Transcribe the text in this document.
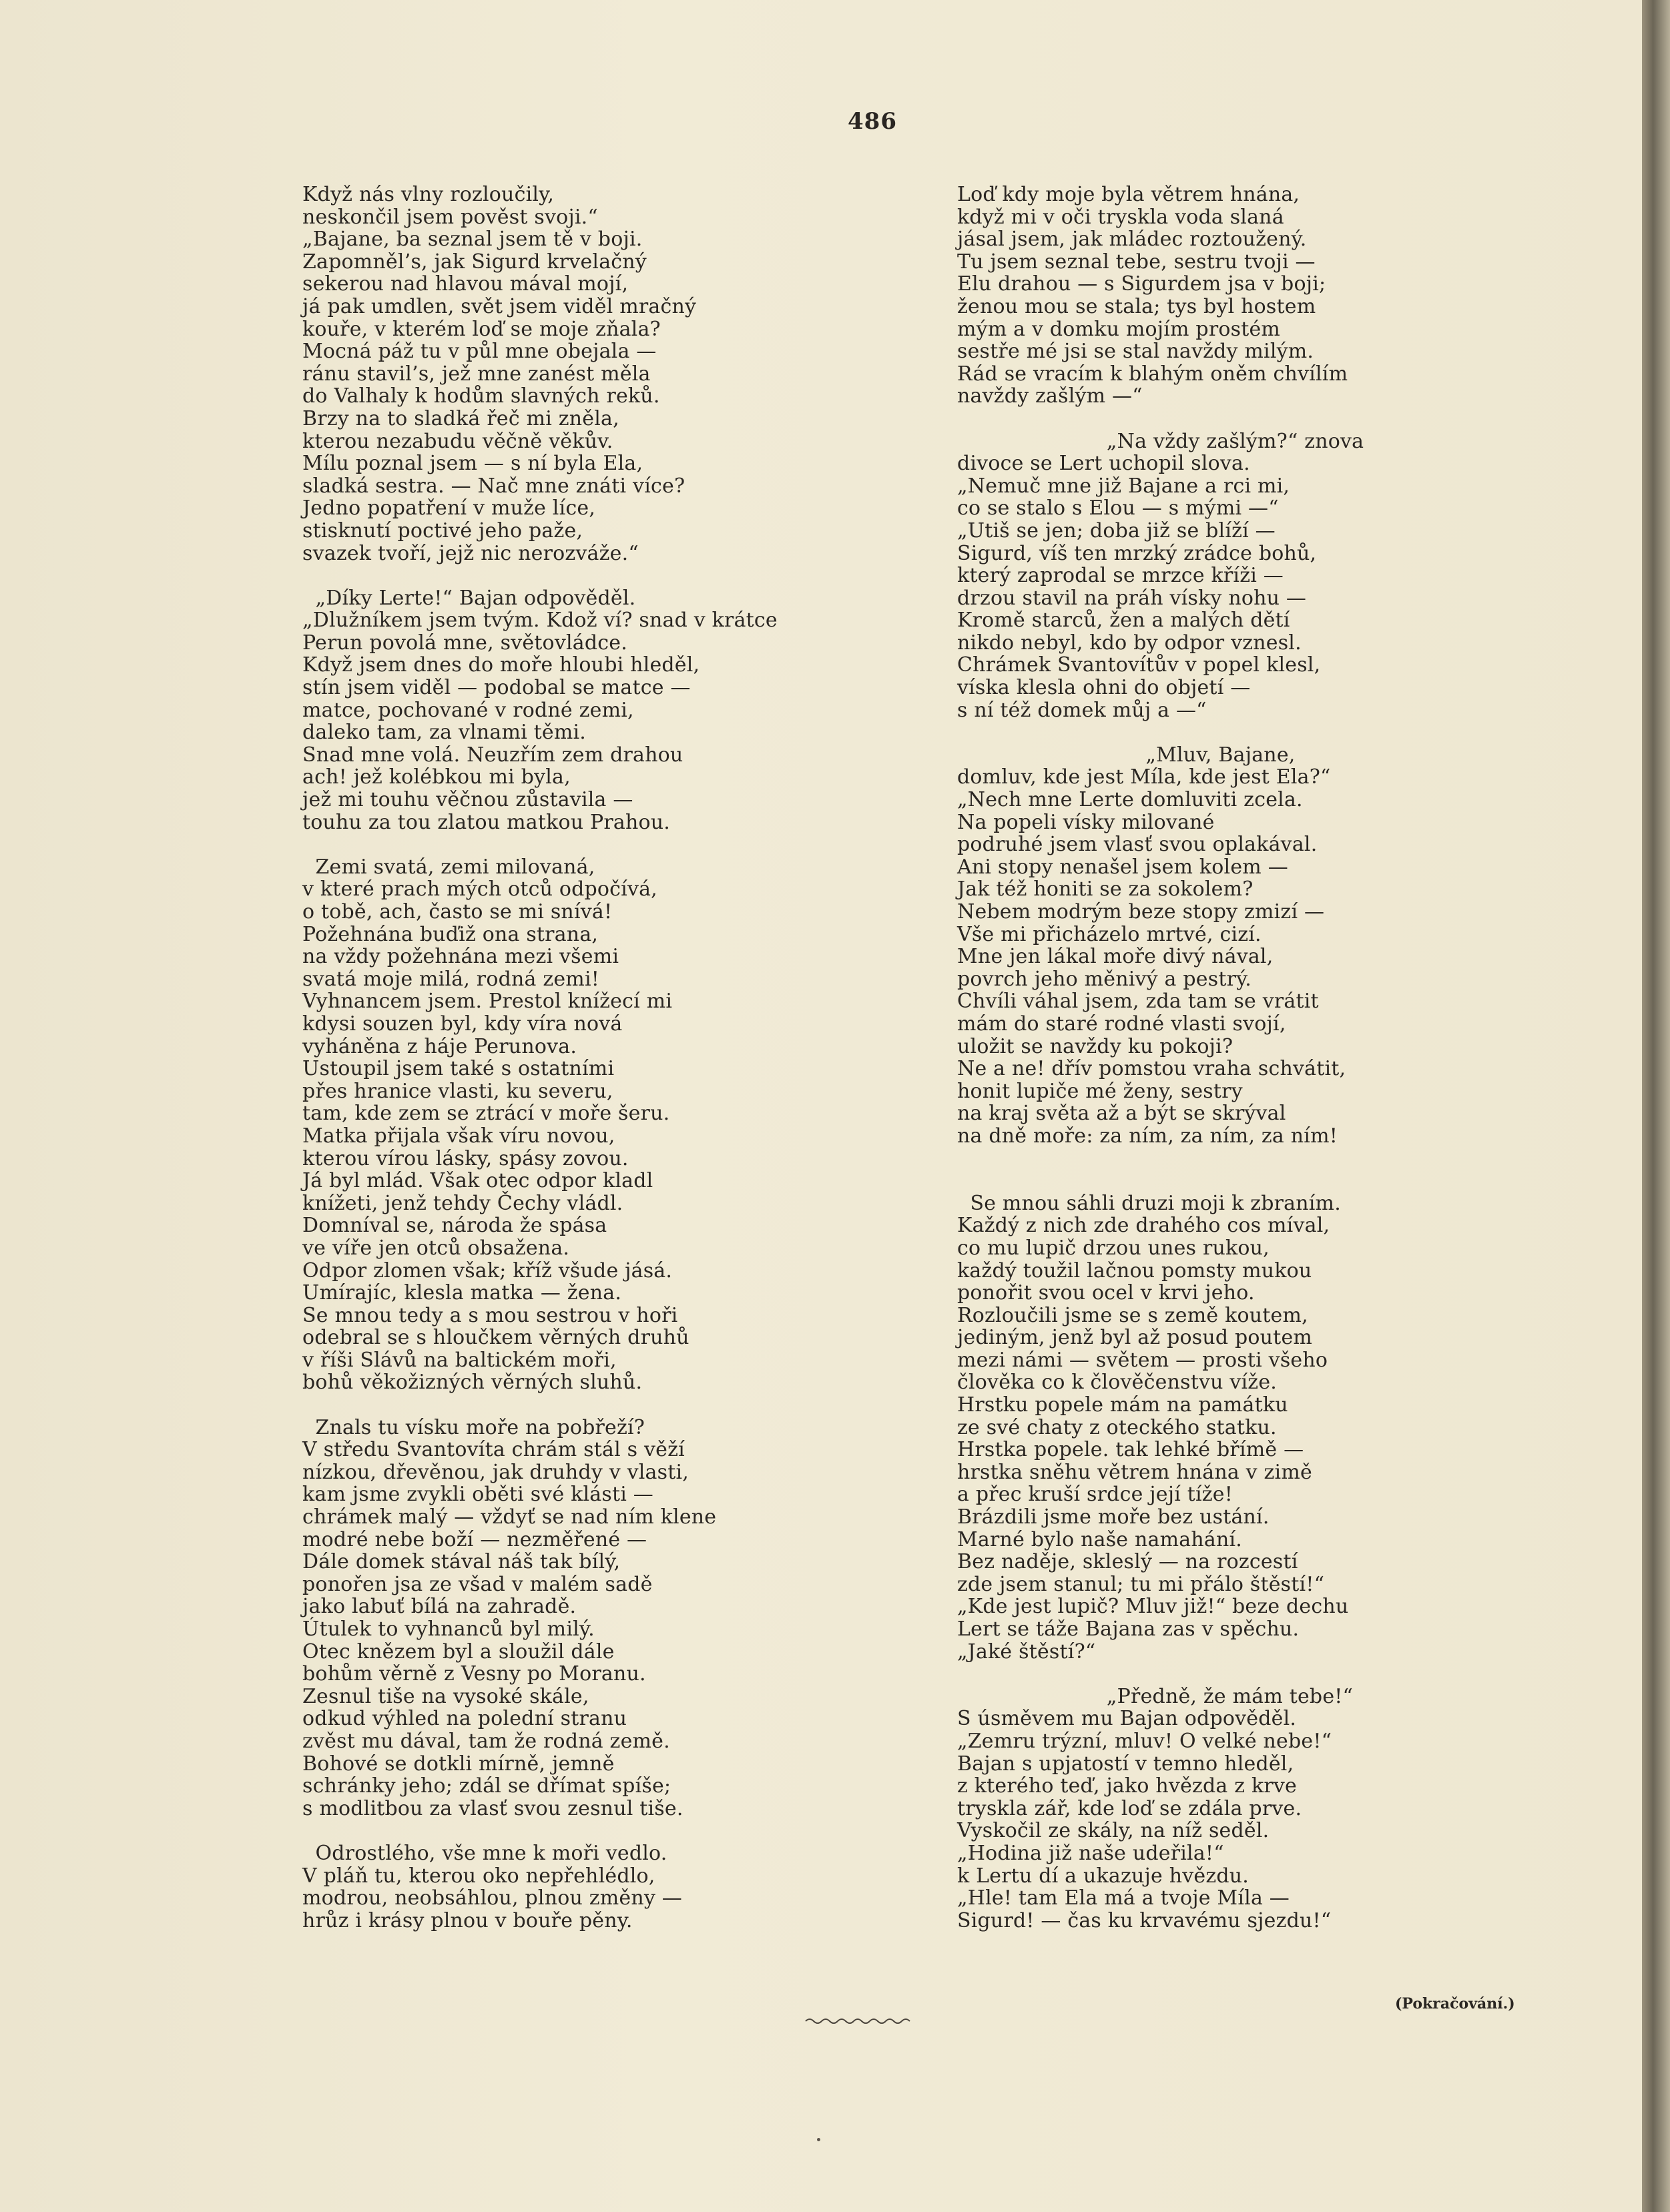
486
Když nás vlny rozloučily,
neskončil jsem pověst svoji.“
„Bajane, ba seznal jsem tě v boji.
Zapomněl’s, jak Sigurd krvelačný
sekerou nad hlavou mával mojí,
já pak umdlen, svět jsem viděl mračný
kouře, v kterém loď se moje zňala?
Mocná páž tu v půl mne obejala —
ránu stavil’s, jež mne zanést měla
do Valhaly k hodům slavných reků.
Brzy na to sladká řeč mi zněla,
kterou nezabudu věčně věkův.
Mílu poznal jsem — s ní byla Ela,
sladká sestra. — Nač mne znáti více?
Jedno popatření v muže líce,
stisknutí poctivé jeho paže,
svazek tvoří, jejž nic nerozváže.“
„Díky Lerte!“ Bajan odpověděl.
„Dlužníkem jsem tvým. Kdož ví? snad v krátce
Perun povolá mne, světovládce.
Když jsem dnes do moře hloubi hleděl,
stín jsem viděl — podobal se matce —
matce, pochované v rodné zemi,
daleko tam, za vlnami těmi.
Snad mne volá. Neuzřím zem drahou
ach! jež kolébkou mi byla,
jež mi touhu věčnou zůstavila —
touhu za tou zlatou matkou Prahou.
Zemi svatá, zemi milovaná,
v které prach mých otců odpočívá,
o tobě, ach, často se mi snívá!
Požehnána buďiž ona strana,
na vždy požehnána mezi všemi
svatá moje milá, rodná zemi!
Vyhnancem jsem. Prestol knížecí mi
kdysi souzen byl, kdy víra nová
vyháněna z háje Perunova.
Ustoupil jsem také s ostatními
přes hranice vlasti, ku severu,
tam, kde zem se ztrácí v moře šeru.
Matka přijala však víru novou,
kterou vírou lásky, spásy zovou.
Já byl mlád. Však otec odpor kladl
knížeti, jenž tehdy Čechy vládl.
Domníval se, národa že spása
ve víře jen otců obsažena.
Odpor zlomen však; kříž všude jásá.
Umírajíc, klesla matka — žena.
Se mnou tedy a s mou sestrou v hoři
odebral se s hloučkem věrných druhů
v říši Slávů na baltickém moři,
bohů věkožizných věrných sluhů.
Znals tu vísku moře na pobřeží?
V středu Svantovíta chrám stál s věží
nízkou, dřevěnou, jak druhdy v vlasti,
kam jsme zvykli oběti své klásti —
chrámek malý — vždyť se nad ním klene
modré nebe boží — nezměřené —
Dále domek stával náš tak bílý,
ponořen jsa ze všad v malém sadě
jako labuť bílá na zahradě.
Útulek to vyhnanců byl milý.
Otec knězem byl a sloužil dále
bohům věrně z Vesny po Moranu.
Zesnul tiše na vysoké skále,
odkud výhled na polední stranu
zvěst mu dával, tam že rodná země.
Bohové se dotkli mírně, jemně
schránky jeho; zdál se dřímat spíše;
s modlitbou za vlasť svou zesnul tiše.
Odrostlého, vše mne k moři vedlo.
V pláň tu, kterou oko nepřehlédlo,
modrou, neobsáhlou, plnou změny —
hrůz i krásy plnou v bouře pěny.
Loď kdy moje byla větrem hnána,
když mi v oči tryskla voda slaná
jásal jsem, jak mládec roztoužený.
Tu jsem seznal tebe, sestru tvoji —
Elu drahou — s Sigurdem jsa v boji;
ženou mou se stala; tys byl hostem
mým a v domku mojím prostém
sestře mé jsi se stal navždy milým.
Rád se vracím k blahým oněm chvílím
navždy zašlým —“
„Na vždy zašlým?“ znova
divoce se Lert uchopil slova.
„Nemuč mne již Bajane a rci mi,
co se stalo s Elou — s mými —“
„Utiš se jen; doba již se blíží —
Sigurd, víš ten mrzký zrádce bohů,
který zaprodal se mrzce kříži —
drzou stavil na práh vísky nohu —
Kromě starců, žen a malých dětí
nikdo nebyl, kdo by odpor vznesl.
Chrámek Svantovítův v popel klesl,
víska klesla ohni do objetí —
s ní též domek můj a —“
„Mluv, Bajane,
domluv, kde jest Míla, kde jest Ela?“
„Nech mne Lerte domluviti zcela.
Na popeli vísky milované
podruhé jsem vlasť svou oplakával.
Ani stopy nenašel jsem kolem —
Jak též honiti se za sokolem?
Nebem modrým beze stopy zmizí —
Vše mi přicházelo mrtvé, cizí.
Mne jen lákal moře divý nával,
povrch jeho měnivý a pestrý.
Chvíli váhal jsem, zda tam se vrátit
mám do staré rodné vlasti svojí,
uložit se navždy ku pokoji?
Ne a ne! dřív pomstou vraha schvátit,
honit lupiče mé ženy, sestry
na kraj světa až a být se skrýval
na dně moře: za ním, za ním, za ním!
Se mnou sáhli druzi moji k zbraním.
Každý z nich zde drahého cos míval,
co mu lupič drzou unes rukou,
každý toužil lačnou pomsty mukou
ponořit svou ocel v krvi jeho.
Rozloučili jsme se s země koutem,
jediným, jenž byl až posud poutem
mezi námi — světem — prosti všeho
člověka co k člověčenstvu víže.
Hrstku popele mám na památku
ze své chaty z oteckého statku.
Hrstka popele. tak lehké břímě —
hrstka sněhu větrem hnána v zimě
a přec kruší srdce její tíže!
Brázdili jsme moře bez ustání.
Marné bylo naše namahání.
Bez naděje, skleslý — na rozcestí
zde jsem stanul; tu mi přálo štěstí!“
„Kde jest lupič? Mluv již!“ beze dechu
Lert se táže Bajana zas v spěchu.
„Jaké štěstí?“
„Předně, že mám tebe!“
S úsměvem mu Bajan odpověděl.
„Zemru trýzní, mluv! O velké nebe!“
Bajan s upjatostí v temno hleděl,
z kterého teď, jako hvězda z krve
tryskla zář, kde loď se zdála prve.
Vyskočil ze skály, na níž seděl.
„Hodina již naše udeřila!“
k Lertu dí a ukazuje hvězdu.
„Hle! tam Ela má a tvoje Míla —
Sigurd! — čas ku krvavému sjezdu!“
(Pokračování.)
